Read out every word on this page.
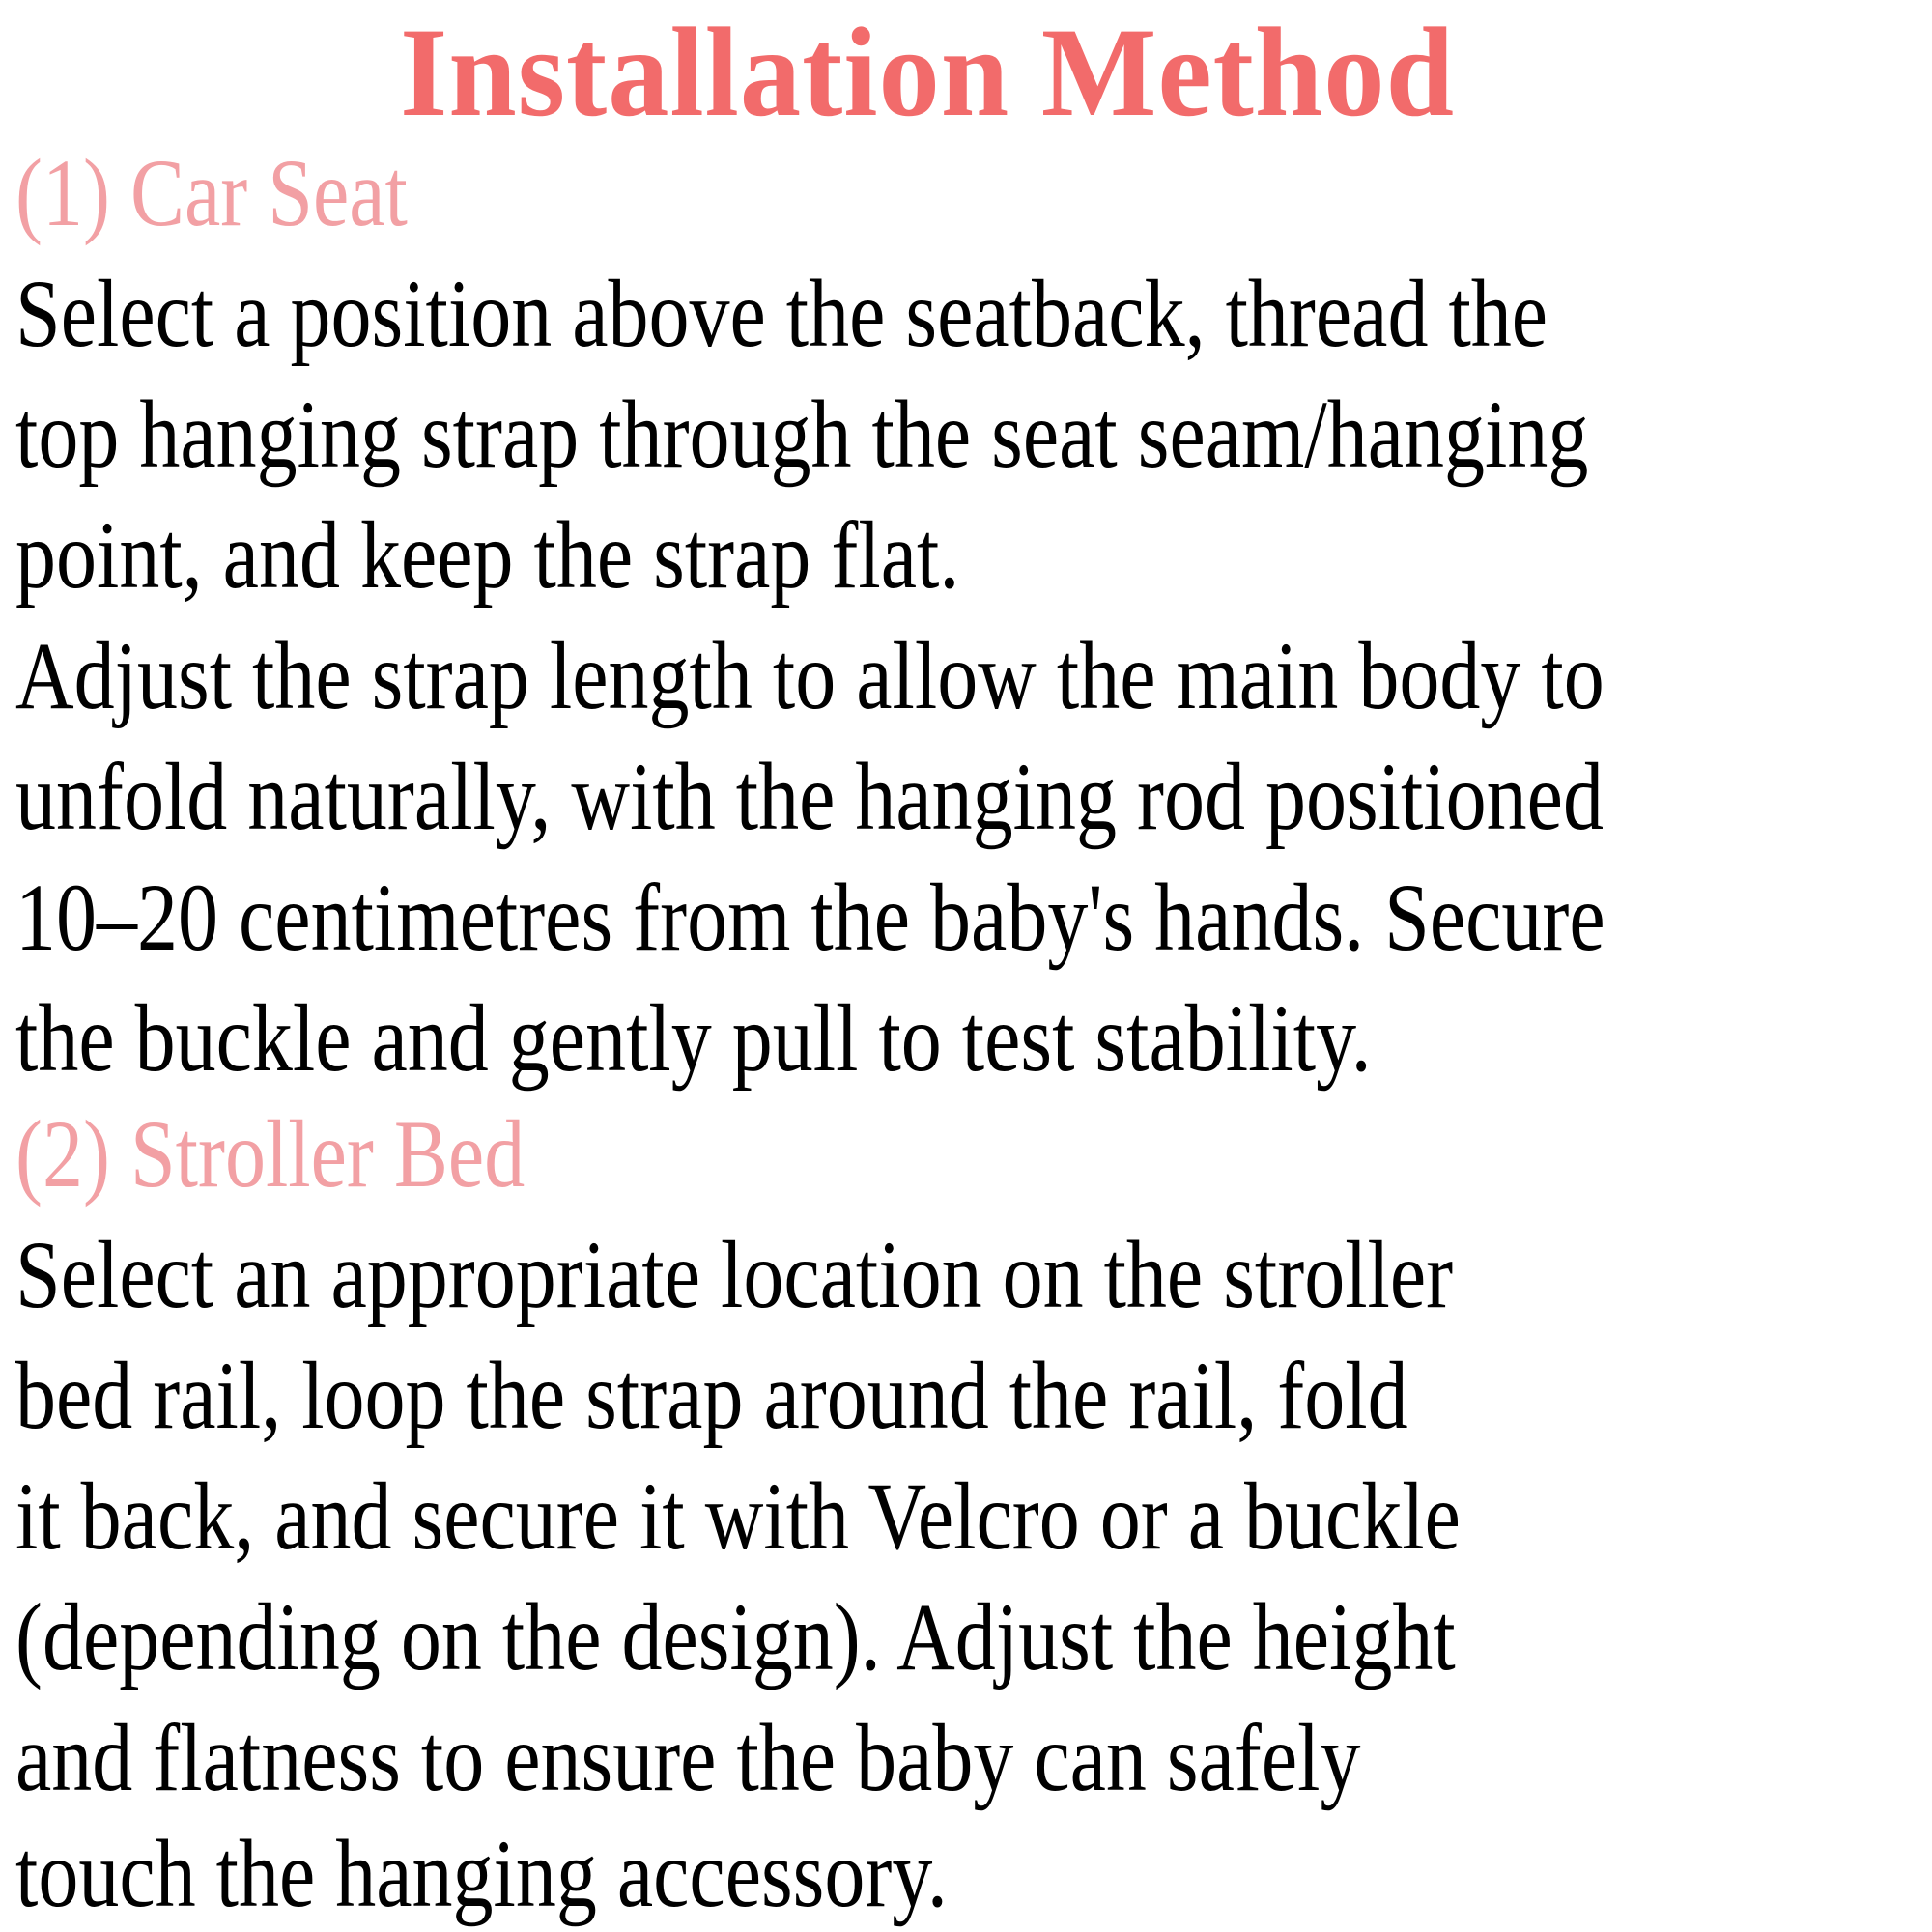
Installation Method
(1) Car Seat
Select a position above the seatback, thread the
top hanging strap through the seat seam/hanging
point, and keep the strap flat.
Adjust the strap length to allow the main body to
unfold naturally, with the hanging rod positioned
10–20 centimetres from the baby's hands. Secure
the buckle and gently pull to test stability.
(2) Stroller Bed
Select an appropriate location on the stroller
bed rail, loop the strap around the rail, fold
it back, and secure it with Velcro or a buckle
(depending on the design). Adjust the height
and flatness to ensure the baby can safely
touch the hanging accessory.
